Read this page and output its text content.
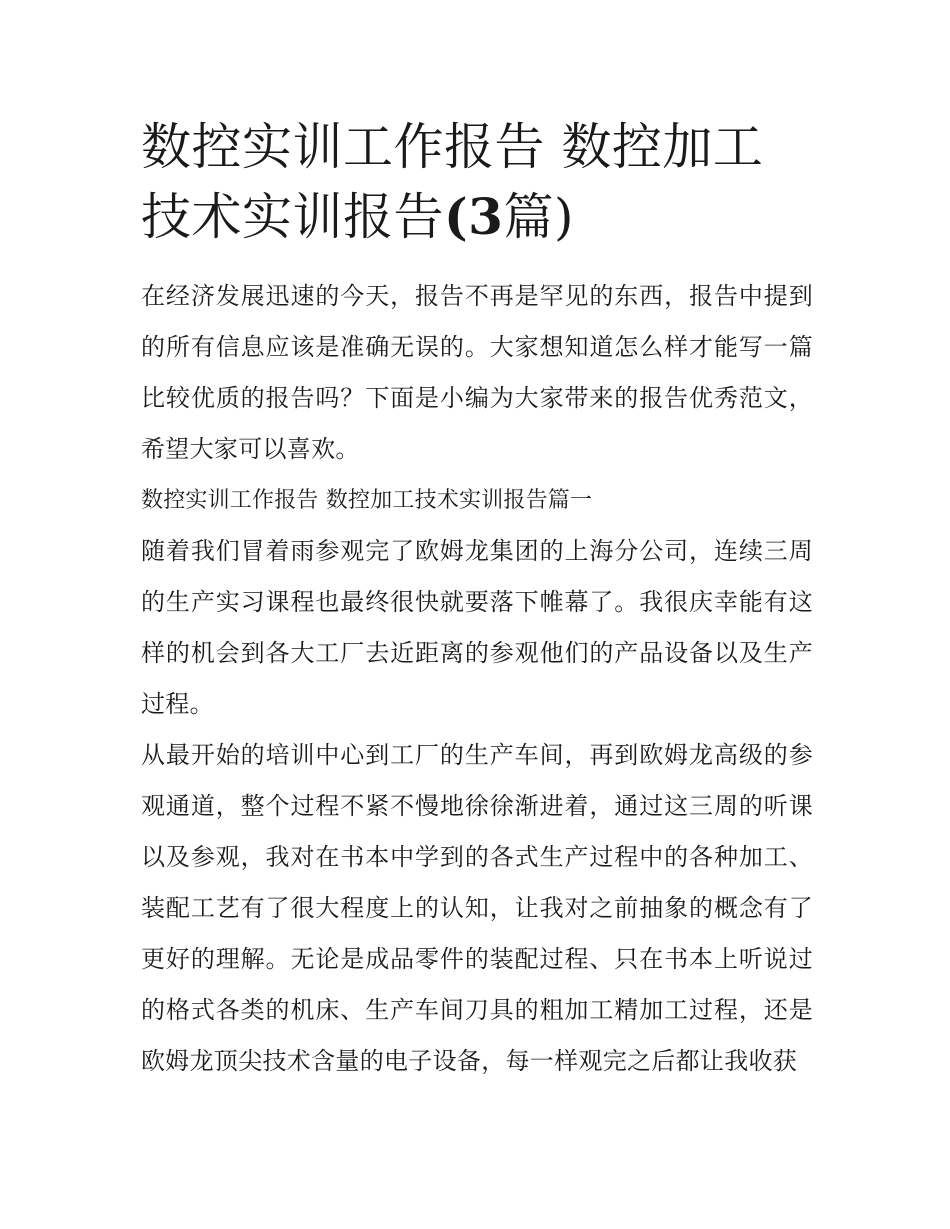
数控实训工作报告 数控加工技术实训报告(3篇)

在经济发展迅速的今天，报告不再是罕见的东西，报告中提到的所有信息应该是准确无误的。大家想知道怎么样才能写一篇比较优质的报告吗？下面是小编为大家带来的报告优秀范文，希望大家可以喜欢。

数控实训工作报告 数控加工技术实训报告篇一

随着我们冒着雨参观完了欧姆龙集团的上海分公司，连续三周的生产实习课程也最终很快就要落下帷幕了。我很庆幸能有这样的机会到各大工厂去近距离的参观他们的产品设备以及生产过程。

从最开始的培训中心到工厂的生产车间，再到欧姆龙高级的参观通道，整个过程不紧不慢地徐徐渐进着，通过这三周的听课以及参观，我对在书本中学到的各式生产过程中的各种加工、装配工艺有了很大程度上的认知，让我对之前抽象的概念有了更好的理解。无论是成品零件的装配过程、只在书本上听说过的格式各类的机床、生产车间刀具的粗加工精加工过程，还是欧姆龙顶尖技术含量的电子设备，每一样观完之后都让我收获
